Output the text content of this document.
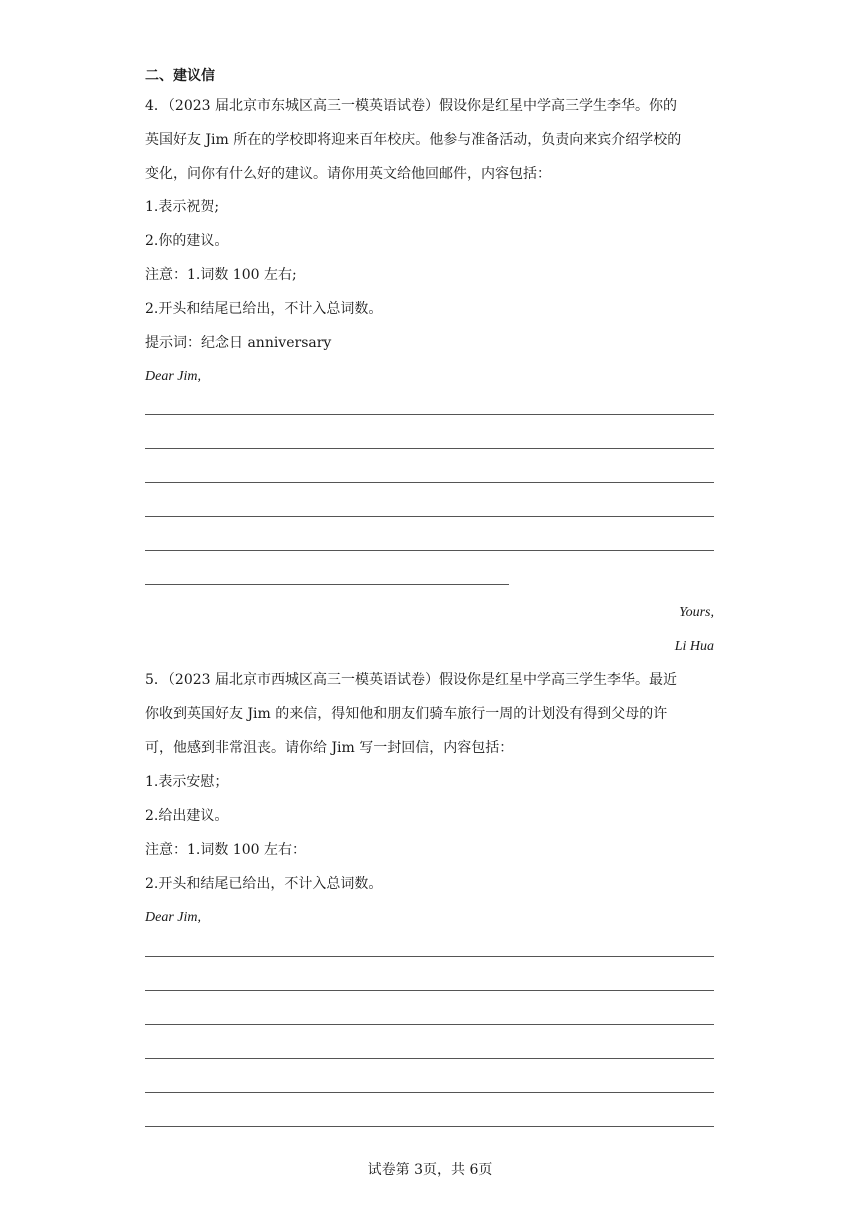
二、建议信
4．（2023 届北京市东城区高三一模英语试卷）假设你是红星中学高三学生李华。你的
英国好友 Jim 所在的学校即将迎来百年校庆。他参与准备活动，负责向来宾介绍学校的
变化，问你有什么好的建议。请你用英文给他回邮件，内容包括：
1.表示祝贺;
2.你的建议。
注意：1.词数 100 左右;
2.开头和结尾已给出，不计入总词数。
提示词：纪念日 anniversary
Dear Jim,
Yours,
Li Hua
5．（2023 届北京市西城区高三一模英语试卷）假设你是红星中学高三学生李华。最近
你收到英国好友 Jim 的来信，得知他和朋友们骑车旅行一周的计划没有得到父母的许
可，他感到非常沮丧。请你给 Jim 写一封回信，内容包括：
1.表示安慰；
2.给出建议。
注意：1.词数 100 左右：
2.开头和结尾已给出，不计入总词数。
Dear Jim,
试卷第 3页，共 6页
